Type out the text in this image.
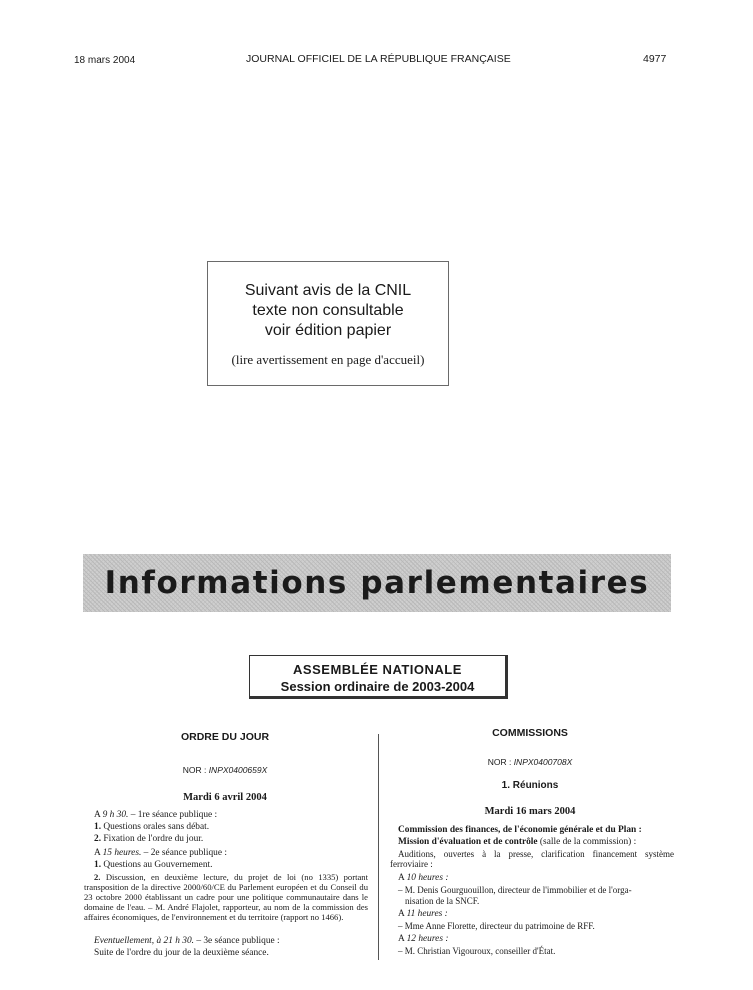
18 mars 2004	JOURNAL OFFICIEL DE LA RÉPUBLIQUE FRANÇAISE	4977
Suivant avis de la CNIL
texte non consultable
voir édition papier
(lire avertissement en page d'accueil)
Informations parlementaires
ASSEMBLÉE NATIONALE
Session ordinaire de 2003-2004
ORDRE DU JOUR
NOR : INPX0400659X
Mardi 6 avril 2004
A 9 h 30. – 1re séance publique :
1. Questions orales sans débat.
2. Fixation de l'ordre du jour.
A 15 heures. – 2e séance publique :
1. Questions au Gouvernement.
2. Discussion, en deuxième lecture, du projet de loi (no 1335) portant transposition de la directive 2000/60/CE du Parlement européen et du Conseil du 23 octobre 2000 établissant un cadre pour une politique communautaire dans le domaine de l'eau. – M. André Flajolet, rapporteur, au nom de la commission des affaires économiques, de l'environnement et du territoire (rapport no 1466).
Eventuellement, à 21 h 30. – 3e séance publique :
Suite de l'ordre du jour de la deuxième séance.
COMMISSIONS
NOR : INPX0400708X
1. Réunions
Mardi 16 mars 2004
Commission des finances, de l'économie générale et du Plan :
Mission d'évaluation et de contrôle (salle de la commission) :
Auditions, ouvertes à la presse, clarification financement système ferroviaire :
A 10 heures :
– M. Denis Gourguouillon, directeur de l'immobilier et de l'orga-
nisation de la SNCF.
A 11 heures :
– Mme Anne Florette, directeur du patrimoine de RFF.
A 12 heures :
– M. Christian Vigouroux, conseiller d'État.
